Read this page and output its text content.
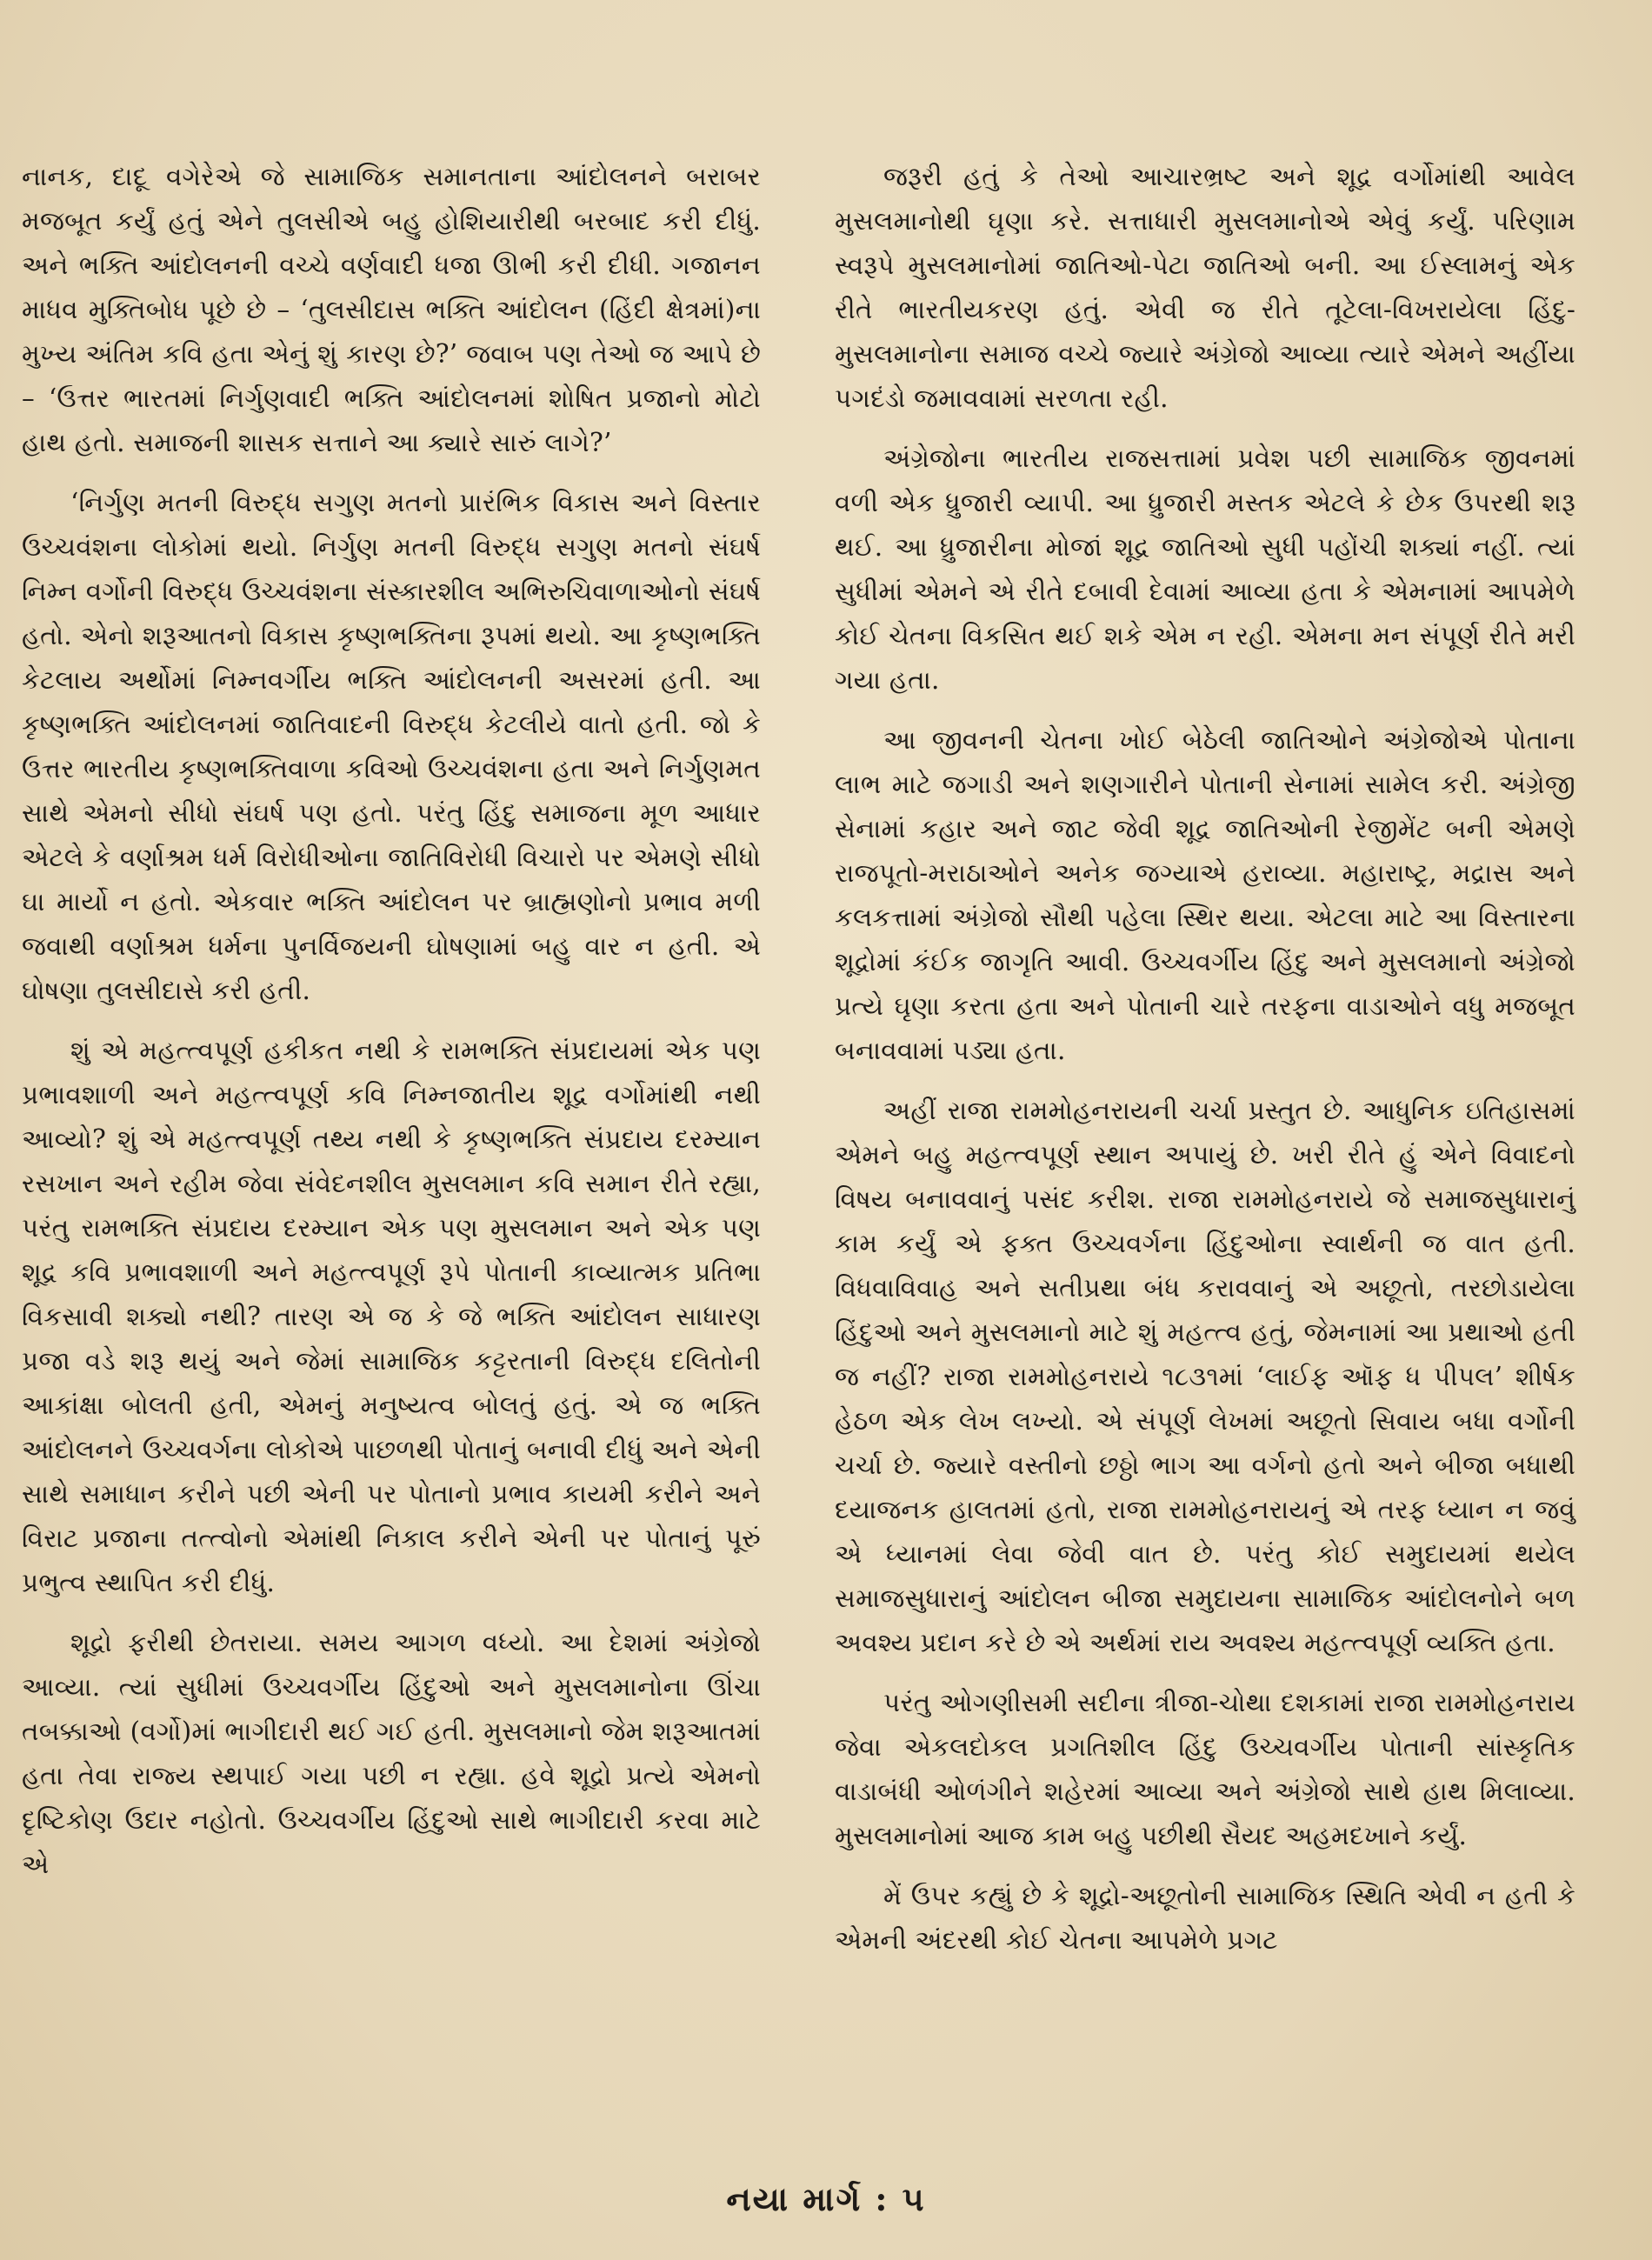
નાનક, દાદૂ વગેરેએ જે સામાજિક સમાનતાના આંદોલનને બરાબર મજબૂત કર્યું હતું એને તુલસીએ બહુ હોશિયારીથી બરબાદ કરી દીધું. અને ભક્તિ આંદોલનની વચ્ચે વર્ણવાદી ધજા ઊભી કરી દીધી. ગજાનન માધવ મુક્તિબોધ પૂછે છે – ‘તુલસીદાસ ભક્તિ આંદોલન (હિંદી ક્ષેત્રમાં)ના મુખ્ય અંતિમ કવિ હતા એનું શું કારણ છે?’ જવાબ પણ તેઓ જ આપે છે – ‘ઉત્તર ભારતમાં નિર્ગુણવાદી ભક્તિ આંદોલનમાં શોષિત પ્રજાનો મોટો હાથ હતો. સમાજની શાસક સત્તાને આ ક્યારે સારું લાગે?’

‘નિર્ગુણ મતની વિરુદ્ધ સગુણ મતનો પ્રારંભિક વિકાસ અને વિસ્તાર ઉચ્ચવંશના લોકોમાં થયો. નિર્ગુણ મતની વિરુદ્ધ સગુણ મતનો સંઘર્ષ નિમ્ન વર્ગોની વિરુદ્ધ ઉચ્ચવંશના સંસ્કારશીલ અભિરુચિવાળાઓનો સંઘર્ષ હતો. એનો શરૂઆતનો વિકાસ કૃષ્ણભક્તિના રૂપમાં થયો. આ કૃષ્ણભક્તિ કેટલાય અર્થોમાં નિમ્નવર્ગીય ભક્તિ આંદોલનની અસરમાં હતી. આ કૃષ્ણભક્તિ આંદોલનમાં જાતિવાદની વિરુદ્ધ કેટલીયે વાતો હતી. જો કે ઉત્તર ભારતીય કૃષ્ણભક્તિવાળા કવિઓ ઉચ્ચવંશના હતા અને નિર્ગુણમત સાથે એમનો સીધો સંઘર્ષ પણ હતો. પરંતુ હિંદુ સમાજના મૂળ આધાર એટલે કે વર્ણાશ્રમ ધર્મ વિરોધીઓના જાતિવિરોધી વિચારો પર એમણે સીધો ઘા માર્યો ન હતો. એકવાર ભક્તિ આંદોલન પર બ્રાહ્મણોનો પ્રભાવ મળી જવાથી વર્ણાશ્રમ ધર્મના પુનર્વિજયની ઘોષણામાં બહુ વાર ન હતી. એ ઘોષણા તુલસીદાસે કરી હતી.

શું એ મહત્ત્વપૂર્ણ હકીકત નથી કે રામભક્તિ સંપ્રદાયમાં એક પણ પ્રભાવશાળી અને મહત્ત્વપૂર્ણ કવિ નિમ્નજાતીય શૂદ્ર વર્ગોમાંથી નથી આવ્યો? શું એ મહત્ત્વપૂર્ણ તથ્ય નથી કે કૃષ્ણભક્તિ સંપ્રદાય દરમ્યાન રસખાન અને રહીમ જેવા સંવેદનશીલ મુસલમાન કવિ સમાન રીતે રહ્યા, પરંતુ રામભક્તિ સંપ્રદાય દરમ્યાન એક પણ મુસલમાન અને એક પણ શૂદ્ર કવિ પ્રભાવશાળી અને મહત્ત્વપૂર્ણ રૂપે પોતાની કાવ્યાત્મક પ્રતિભા વિકસાવી શક્યો નથી? તારણ એ જ કે જે ભક્તિ આંદોલન સાધારણ પ્રજા વડે શરૂ થયું અને જેમાં સામાજિક કટ્ટરતાની વિરુદ્ધ દલિતોની આકાંક્ષા બોલતી હતી, એમનું મનુષ્યત્વ બોલતું હતું. એ જ ભક્તિ આંદોલનને ઉચ્ચવર્ગના લોકોએ પાછળથી પોતાનું બનાવી દીધું અને એની સાથે સમાધાન કરીને પછી એની પર પોતાનો પ્રભાવ કાયમી કરીને અને વિરાટ પ્રજાના તત્ત્વોનો એમાંથી નિકાલ કરીને એની પર પોતાનું પૂરું પ્રભુત્વ સ્થાપિત કરી દીધું.

શૂદ્રો ફરીથી છેતરાયા. સમય આગળ વધ્યો. આ દેશમાં અંગ્રેજો આવ્યા. ત્યાં સુધીમાં ઉચ્ચવર્ગીય હિંદુઓ અને મુસલમાનોના ઊંચા તબક્કાઓ (વર્ગો)માં ભાગીદારી થઈ ગઈ હતી. મુસલમાનો જેમ શરૂઆતમાં હતા તેવા રાજ્ય સ્થપાઈ ગયા પછી ન રહ્યા. હવે શૂદ્રો પ્રત્યે એમનો દૃષ્ટિકોણ ઉદાર નહોતો. ઉચ્ચવર્ગીય હિંદુઓ સાથે ભાગીદારી કરવા માટે એ

જરૂરી હતું કે તેઓ આચારભ્રષ્ટ અને શૂદ્ર વર્ગોમાંથી આવેલ મુસલમાનોથી ઘૃણા કરે. સત્તાધારી મુસલમાનોએ એવું કર્યું. પરિણામ સ્વરૂપે મુસલમાનોમાં જાતિઓ-પેટા જાતિઓ બની. આ ઈસ્લામનું એક રીતે ભારતીયકરણ હતું. એવી જ રીતે તૂટેલા-વિખરાયેલા હિંદુ-મુસલમાનોના સમાજ વચ્ચે જ્યારે અંગ્રેજો આવ્યા ત્યારે એમને અહીંયા પગદંડો જમાવવામાં સરળતા રહી.

અંગ્રેજોના ભારતીય રાજસત્તામાં પ્રવેશ પછી સામાજિક જીવનમાં વળી એક ધ્રુજારી વ્યાપી. આ ધ્રુજારી મસ્તક એટલે કે છેક ઉપરથી શરૂ થઈ. આ ધ્રુજારીના મોજાં શૂદ્ર જાતિઓ સુધી પહોંચી શક્યાં નહીં. ત્યાં સુધીમાં એમને એ રીતે દબાવી દેવામાં આવ્યા હતા કે એમનામાં આપમેળે કોઈ ચેતના વિકસિત થઈ શકે એમ ન રહી. એમના મન સંપૂર્ણ રીતે મરી ગયા હતા.

આ જીવનની ચેતના ખોઈ બેઠેલી જાતિઓને અંગ્રેજોએ પોતાના લાભ માટે જગાડી અને શણગારીને પોતાની સેનામાં સામેલ કરી. અંગ્રેજી સેનામાં કહાર અને જાટ જેવી શૂદ્ર જાતિઓની રેજીમેંટ બની એમણે રાજપૂતો-મરાઠાઓને અનેક જગ્યાએ હરાવ્યા. મહારાષ્ટ્ર, મદ્રાસ અને કલકત્તામાં અંગ્રેજો સૌથી પહેલા સ્થિર થયા. એટલા માટે આ વિસ્તારના શૂદ્રોમાં કંઈક જાગૃતિ આવી. ઉચ્ચવર્ગીય હિંદુ અને મુસલમાનો અંગ્રેજો પ્રત્યે ઘૃણા કરતા હતા અને પોતાની ચારે તરફના વાડાઓને વધુ મજબૂત બનાવવામાં પડ્યા હતા.

અહીં રાજા રામમોહનરાયની ચર્ચા પ્રસ્તુત છે. આધુનિક ઇતિહાસમાં એમને બહુ મહત્ત્વપૂર્ણ સ્થાન અપાયું છે. ખરી રીતે હું એને વિવાદનો વિષય બનાવવાનું પસંદ કરીશ. રાજા રામમોહનરાયે જે સમાજસુધારાનું કામ કર્યું એ ફક્ત ઉચ્ચવર્ગના હિંદુઓના સ્વાર્થની જ વાત હતી. વિધવાવિવાહ અને સતીપ્રથા બંધ કરાવવાનું એ અછૂતો, તરછોડાયેલા હિંદુઓ અને મુસલમાનો માટે શું મહત્ત્વ હતું, જેમનામાં આ પ્રથાઓ હતી જ નહીં? રાજા રામમોહનરાયે ૧૮૩૧માં ‘લાઈફ ઑફ ધ પીપલ’ શીર્ષક હેઠળ એક લેખ લખ્યો. એ સંપૂર્ણ લેખમાં અછૂતો સિવાય બધા વર્ગોની ચર્ચા છે. જ્યારે વસ્તીનો છઠ્ઠો ભાગ આ વર્ગનો હતો અને બીજા બધાથી દયાજનક હાલતમાં હતો, રાજા રામમોહનરાયનું એ તરફ ધ્યાન ન જવું એ ધ્યાનમાં લેવા જેવી વાત છે. પરંતુ કોઈ સમુદાયમાં થયેલ સમાજસુધારાનું આંદોલન બીજા સમુદાયના સામાજિક આંદોલનોને બળ અવશ્ય પ્રદાન કરે છે એ અર્થમાં રાય અવશ્ય મહત્ત્વપૂર્ણ વ્યક્તિ હતા.

પરંતુ ઓગણીસમી સદીના ત્રીજા-ચોથા દશકામાં રાજા રામમોહનરાય જેવા એકલદોકલ પ્રગતિશીલ હિંદુ ઉચ્ચવર્ગીય પોતાની સાંસ્કૃતિક વાડાબંધી ઓળંગીને શહેરમાં આવ્યા અને અંગ્રેજો સાથે હાથ મિલાવ્યા. મુસલમાનોમાં આજ કામ બહુ પછીથી સૈયદ અહમદખાને કર્યું.

મેં ઉપર કહ્યું છે કે શૂદ્રો-અછૂતોની સામાજિક સ્થિતિ એવી ન હતી કે એમની અંદરથી કોઈ ચેતના આપમેળે પ્રગટ

નયા માર્ગ : ૫
